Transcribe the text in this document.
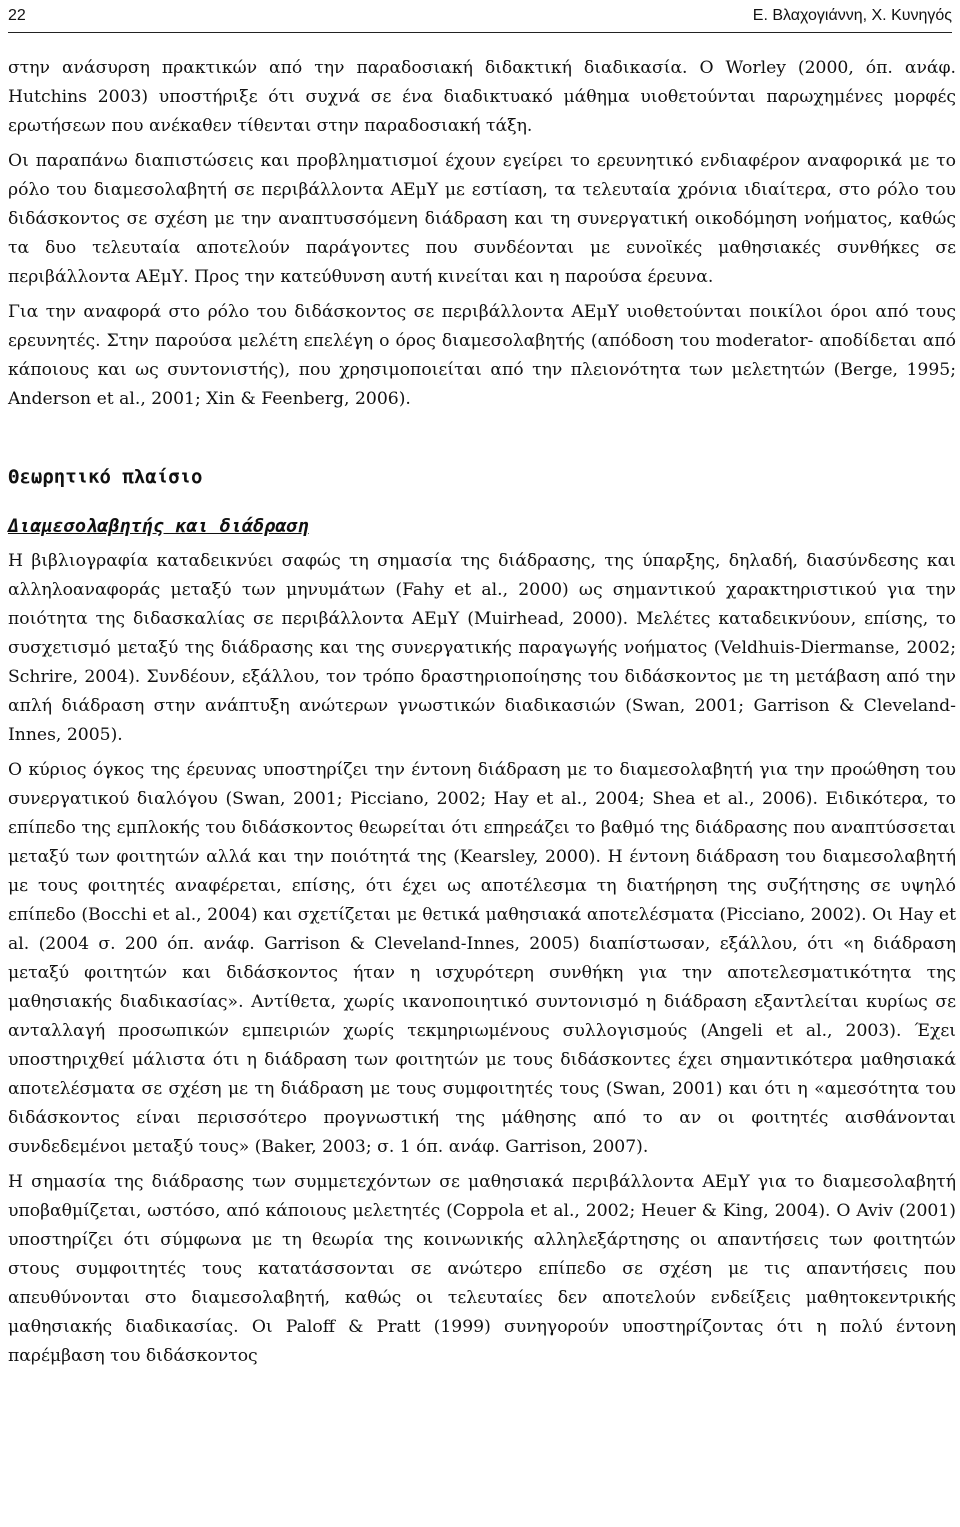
22	Ε. Βλαχογιάννη, Χ. Κυνηγός

στην ανάσυρση πρακτικών από την παραδοσιακή διδακτική διαδικασία. Ο Worley (2000, όπ. ανάφ. Hutchins 2003) υποστήριξε ότι συχνά σε ένα διαδικτυακό μάθημα υιοθετούνται παρωχημένες μορφές ερωτήσεων που ανέκαθεν τίθενται στην παραδοσιακή τάξη.

Οι παραπάνω διαπιστώσεις και προβληματισμοί έχουν εγείρει το ερευνητικό ενδιαφέρον αναφορικά με το ρόλο του διαμεσολαβητή σε περιβάλλοντα ΑΕμΥ με εστίαση, τα τελευταία χρόνια ιδιαίτερα, στο ρόλο του διδάσκοντος σε σχέση με την αναπτυσσόμενη διάδραση και τη συνεργατική οικοδόμηση νοήματος, καθώς τα δυο τελευταία αποτελούν παράγοντες που συνδέονται με ευνοϊκές μαθησιακές συνθήκες σε περιβάλλοντα ΑΕμΥ. Προς την κατεύθυνση αυτή κινείται και η παρούσα έρευνα.

Για την αναφορά στο ρόλο του διδάσκοντος σε περιβάλλοντα ΑΕμΥ υιοθετούνται ποικίλοι όροι από τους ερευνητές. Στην παρούσα μελέτη επελέγη ο όρος διαμεσολαβητής (απόδοση του moderator- αποδίδεται από κάποιους και ως συντονιστής), που χρησιμοποιείται από την πλειονότητα των μελετητών (Berge, 1995; Anderson et al., 2001; Xin & Feenberg, 2006).

Θεωρητικό πλαίσιο
Διαμεσολαβητής και διάδραση

Η βιβλιογραφία καταδεικνύει σαφώς τη σημασία της διάδρασης, της ύπαρξης, δηλαδή, διασύνδεσης και αλληλοαναφοράς μεταξύ των μηνυμάτων (Fahy et al., 2000) ως σημαντικού χαρακτηριστικού για την ποιότητα της διδασκαλίας σε περιβάλλοντα ΑΕμΥ (Muirhead, 2000). Μελέτες καταδεικνύουν, επίσης, το συσχετισμό μεταξύ της διάδρασης και της συνεργατικής παραγωγής νοήματος (Veldhuis-Diermanse, 2002; Schrire, 2004). Συνδέουν, εξάλλου, τον τρόπο δραστηριοποίησης του διδάσκοντος με τη μετάβαση από την απλή διάδραση στην ανάπτυξη ανώτερων γνωστικών διαδικασιών (Swan, 2001; Garrison & Cleveland-Innes, 2005).

Ο κύριος όγκος της έρευνας υποστηρίζει την έντονη διάδραση με το διαμεσολαβητή για την προώθηση του συνεργατικού διαλόγου (Swan, 2001; Picciano, 2002; Hay et al., 2004; Shea et al., 2006). Ειδικότερα, το επίπεδο της εμπλοκής του διδάσκοντος θεωρείται ότι επηρεάζει το βαθμό της διάδρασης που αναπτύσσεται μεταξύ των φοιτητών αλλά και την ποιότητά της (Kearsley, 2000). Η έντονη διάδραση του διαμεσολαβητή με τους φοιτητές αναφέρεται, επίσης, ότι έχει ως αποτέλεσμα τη διατήρηση της συζήτησης σε υψηλό επίπεδο (Bocchi et al., 2004) και σχετίζεται με θετικά μαθησιακά αποτελέσματα (Picciano, 2002). Οι Hay et al. (2004 σ. 200 όπ. ανάφ. Garrison & Cleveland-Innes, 2005) διαπίστωσαν, εξάλλου, ότι «η διάδραση μεταξύ φοιτητών και διδάσκοντος ήταν η ισχυρότερη συνθήκη για την αποτελεσματικότητα της μαθησιακής διαδικασίας». Αντίθετα, χωρίς ικανοποιητικό συντονισμό η διάδραση εξαντλείται κυρίως σε ανταλλαγή προσωπικών εμπειριών χωρίς τεκμηριωμένους συλλογισμούς (Angeli et al., 2003). Έχει υποστηριχθεί μάλιστα ότι η διάδραση των φοιτητών με τους διδάσκοντες έχει σημαντικότερα μαθησιακά αποτελέσματα σε σχέση με τη διάδραση με τους συμφοιτητές τους (Swan, 2001) και ότι η «αμεσότητα του διδάσκοντος είναι περισσότερο προγνωστική της μάθησης από το αν οι φοιτητές αισθάνονται συνδεδεμένοι μεταξύ τους» (Baker, 2003; σ. 1 όπ. ανάφ. Garrison, 2007).

Η σημασία της διάδρασης των συμμετεχόντων σε μαθησιακά περιβάλλοντα ΑΕμΥ για το διαμεσολαβητή υποβαθμίζεται, ωστόσο, από κάποιους μελετητές (Coppola et al., 2002; Heuer & King, 2004). Ο Aviv (2001) υποστηρίζει ότι σύμφωνα με τη θεωρία της κοινωνικής αλληλεξάρτησης οι απαντήσεις των φοιτητών στους συμφοιτητές τους κατατάσσονται σε ανώτερο επίπεδο σε σχέση με τις απαντήσεις που απευθύνονται στο διαμεσολαβητή, καθώς οι τελευταίες δεν αποτελούν ενδείξεις μαθητοκεντρικής μαθησιακής διαδικασίας. Οι Paloff & Pratt (1999) συνηγορούν υποστηρίζοντας ότι η πολύ έντονη παρέμβαση του διδάσκοντος
